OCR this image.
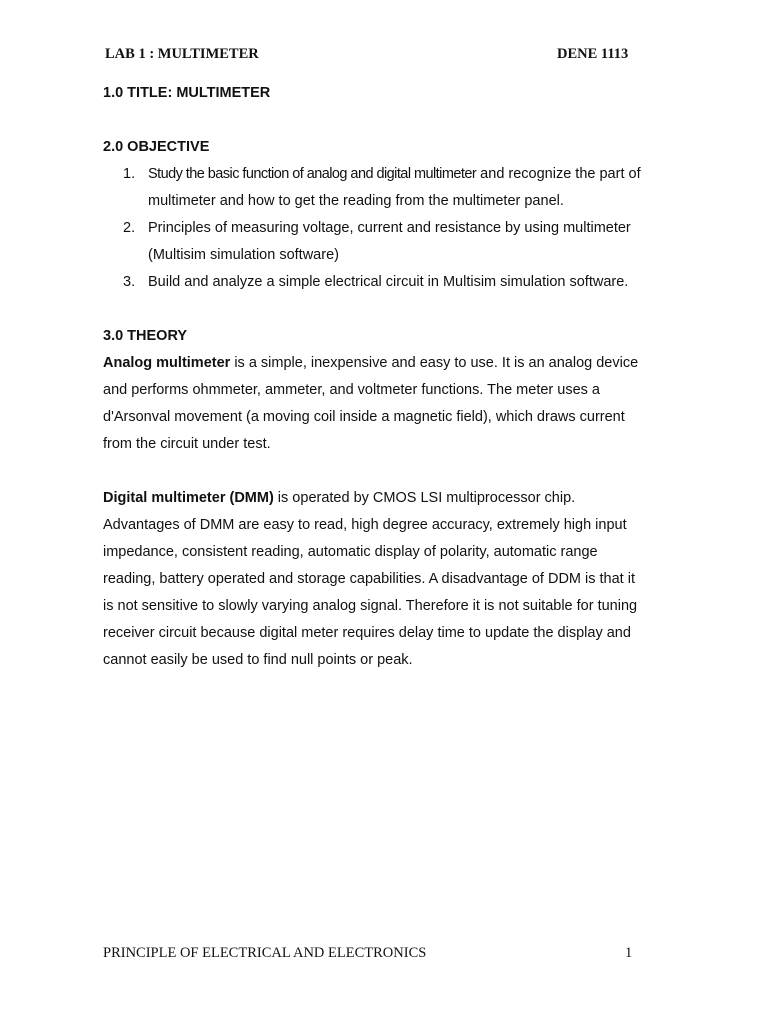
LAB 1 : MULTIMETER	DENE 1113
1.0 TITLE: MULTIMETER
2.0 OBJECTIVE
1. Study the basic function of analog and digital multimeter and recognize the part of multimeter and how to get the reading from the multimeter panel.
2. Principles of measuring voltage, current and resistance by using multimeter (Multisim simulation software)
3. Build and analyze a simple electrical circuit in Multisim simulation software.
3.0 THEORY

Analog multimeter is a simple, inexpensive and easy to use. It is an analog device and performs ohmmeter, ammeter, and voltmeter functions. The meter uses a d'Arsonval movement (a moving coil inside a magnetic field), which draws current from the circuit under test.

Digital multimeter (DMM) is operated by CMOS LSI multiprocessor chip. Advantages of DMM are easy to read, high degree accuracy, extremely high input impedance, consistent reading, automatic display of polarity, automatic range reading, battery operated and storage capabilities. A disadvantage of DDM is that it is not sensitive to slowly varying analog signal. Therefore it is not suitable for tuning receiver circuit because digital meter requires delay time to update the display and cannot easily be used to find null points or peak.

PRINCIPLE OF ELECTRICAL AND ELECTRONICS	1
